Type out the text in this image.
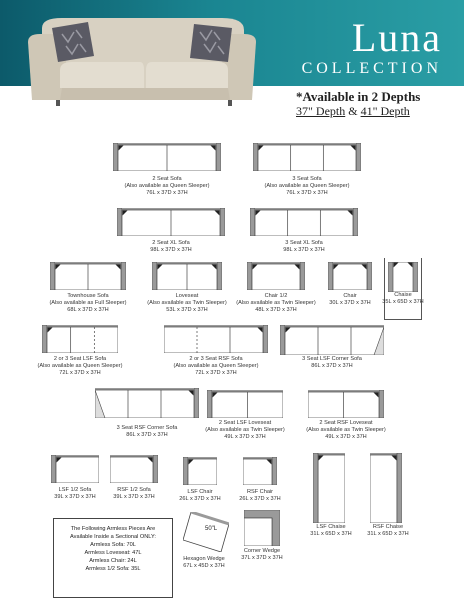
Luna
COLLECTION
*Available in 2 Depths
37" Depth & 41" Depth
2 Seat Sofa
(Also available as Queen Sleeper)
76L x 37D x 37H
3 Seat Sofa
(Also available as Queen Sleeper)
76L x 37D x 37H
2 Seat XL Sofa
98L x 37D x 37H
3 Seat XL Sofa
98L x 37D x 37H
Townhouse Sofa
(Also available as Full Sleeper)
68L x 37D x 37H
Loveseat
(Also available as Twin Sleeper)
53L x 37D x 37H
Chair 1/2
(Also available as Twin Sleeper)
48L x 37D x 37H
Chair
30L x 37D x 37H
Chaise
35L x 65D x 37H
2 or 3 Seat LSF Sofa
(Also available as Queen Sleeper)
72L x 37D x 37H
2 or 3 Seat RSF Sofa
(Also available as Queen Sleeper)
72L x 37D x 37H
3 Seat LSF Corner Sofa
86L x 37D x 37H
3 Seat RSF Corner Sofa
86L x 37D x 37H
2 Seat LSF Loveseat
(Also available as Twin Sleeper)
49L x 37D x 37H
2 Seat RSF Loveseat
(Also available as Twin Sleeper)
49L x 37D x 37H
LSF 1/2 Sofa
39L x 37D x 37H
RSF 1/2 Sofa
39L x 37D x 37H
LSF Chair
26L x 37D x 37H
RSF Chair
26L x 37D x 37H
LSF Chaise
31L x 65D x 37H
RSF Chaise
31L x 65D x 37H
Corner Wedge
37L x 37D x 37H
50"L
Hexagon Wedge
67L x 45D x 37H
The Following Armless Pieces Are
Available Inside a Sectional ONLY:
Armless Sofa: 70L
Armless Loveseat: 47L
Armless Chair: 24L
Armless 1/2 Sofa: 35L
